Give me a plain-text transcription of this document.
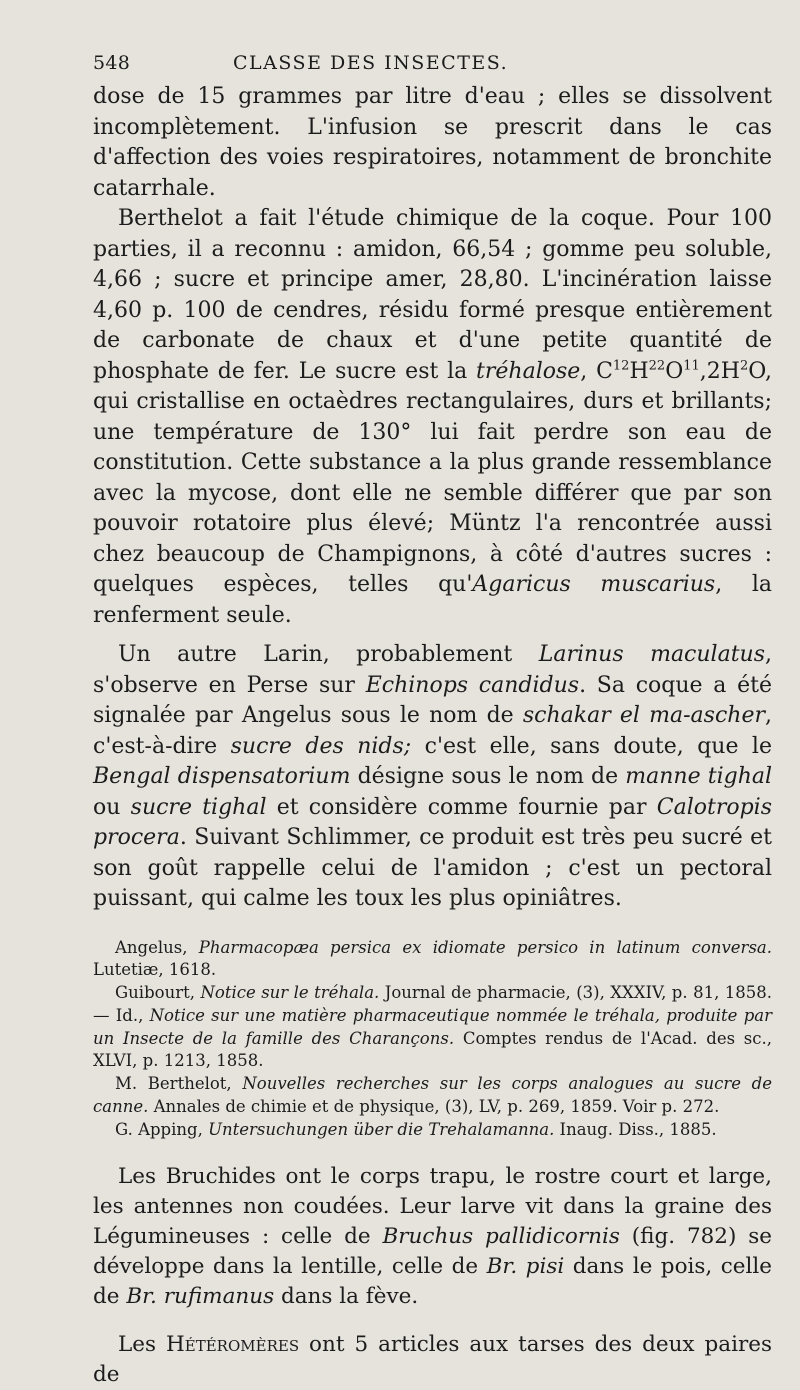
548	CLASSE DES INSECTES.

dose de 15 grammes par litre d'eau ; elles se dissolvent incomplètement. L'infusion se prescrit dans le cas d'affection des voies respiratoires, notamment de bronchite catarrhale.

Berthelot a fait l'étude chimique de la coque. Pour 100 parties, il a reconnu : amidon, 66,54 ; gomme peu soluble, 4,66 ; sucre et principe amer, 28,80. L'incinération laisse 4,60 p. 100 de cendres, résidu formé presque entièrement de carbonate de chaux et d'une petite quantité de phosphate de fer. Le sucre est la tréhalose, $C^{12}H^{22}O^{11},2H^2O$, qui cristallise en octaèdres rectangulaires, durs et brillants; une température de 130° lui fait perdre son eau de constitution. Cette substance a la plus grande ressemblance avec la mycose, dont elle ne semble différer que par son pouvoir rotatoire plus élevé; Müntz l'a rencontrée aussi chez beaucoup de Champignons, à côté d'autres sucres : quelques espèces, telles qu'Agaricus muscarius, la renferment seule.

Un autre Larin, probablement Larinus maculatus, s'observe en Perse sur Echinops candidus. Sa coque a été signalée par Angelus sous le nom de schakar el ma-ascher, c'est-à-dire sucre des nids; c'est elle, sans doute, que le Bengal dispensatorium désigne sous le nom de manne tighal ou sucre tighal et considère comme fournie par Calotropis procera. Suivant Schlimmer, ce produit est très peu sucré et son goût rappelle celui de l'amidon ; c'est un pectoral puissant, qui calme les toux les plus opiniâtres.

Angelus, Pharmacopæa persica ex idiomate persico in latinum conversa. Lutetiæ, 1618.

Guibourt, Notice sur le tréhala. Journal de pharmacie, (3), XXXIV, p. 81, 1858. — Id., Notice sur une matière pharmaceutique nommée le tréhala, produite par un Insecte de la famille des Charançons. Comptes rendus de l'Acad. des sc., XLVI, p. 1213, 1858.

M. Berthelot, Nouvelles recherches sur les corps analogues au sucre de canne. Annales de chimie et de physique, (3), LV, p. 269, 1859. Voir p. 272.

G. Apping, Untersuchungen über die Trehalamanna. Inaug. Diss., 1885.

Les Bruchides ont le corps trapu, le rostre court et large, les antennes non coudées. Leur larve vit dans la graine des Légumineuses : celle de Bruchus pallidicornis (fig. 782) se développe dans la lentille, celle de Br. pisi dans le pois, celle de Br. rufimanus dans la fève.

Les Hétéromères ont 5 articles aux tarses des deux paires de
